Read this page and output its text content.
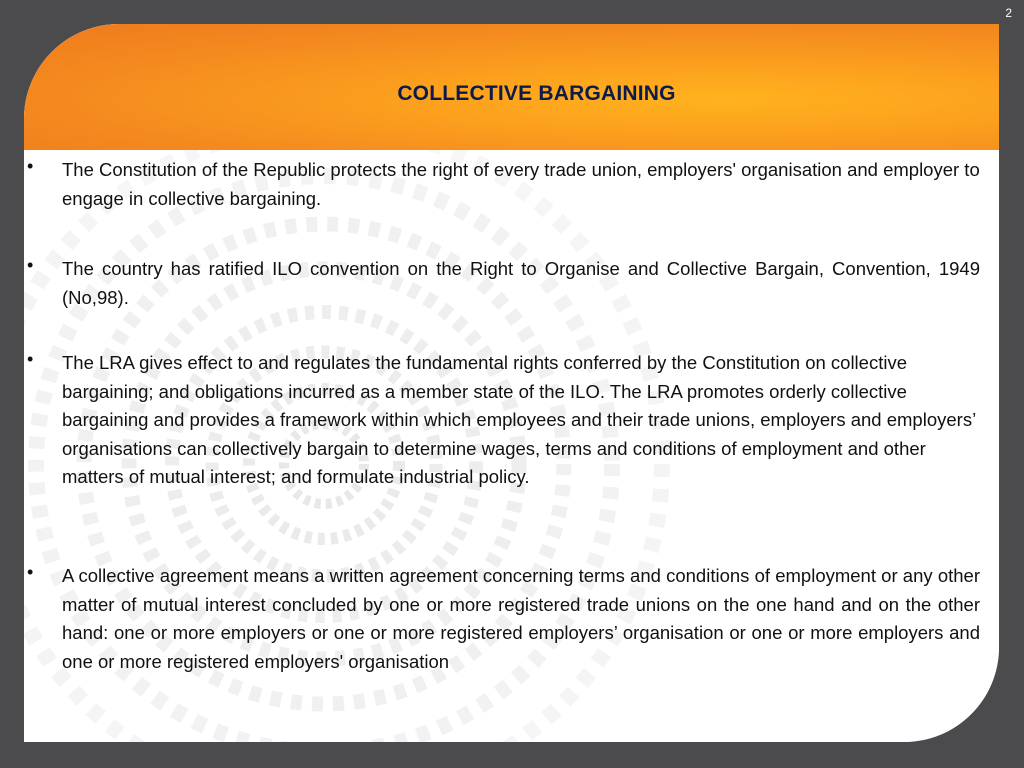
2
COLLECTIVE BARGAINING
• The Constitution of the Republic protects the right of every trade union, employers' organisation and employer to engage in collective bargaining.
• The country has ratified ILO convention on the Right to Organise and Collective Bargain, Convention, 1949 (No,98).
• The LRA gives effect to and regulates the fundamental rights conferred by the Constitution on collective bargaining; and obligations incurred as a member state of the ILO. The LRA promotes orderly collective bargaining and provides a framework within which employees and their trade unions, employers and employers’ organisations can collectively bargain to determine wages, terms and conditions of employment and other matters of mutual interest; and formulate industrial policy.
• A collective agreement means a written agreement concerning terms and conditions of employment or any other matter of mutual interest concluded by one or more registered trade unions on the one hand and on the other hand: one or more employers or one or more registered employers’ organisation or one or more employers and one or more registered employers' organisation
2
